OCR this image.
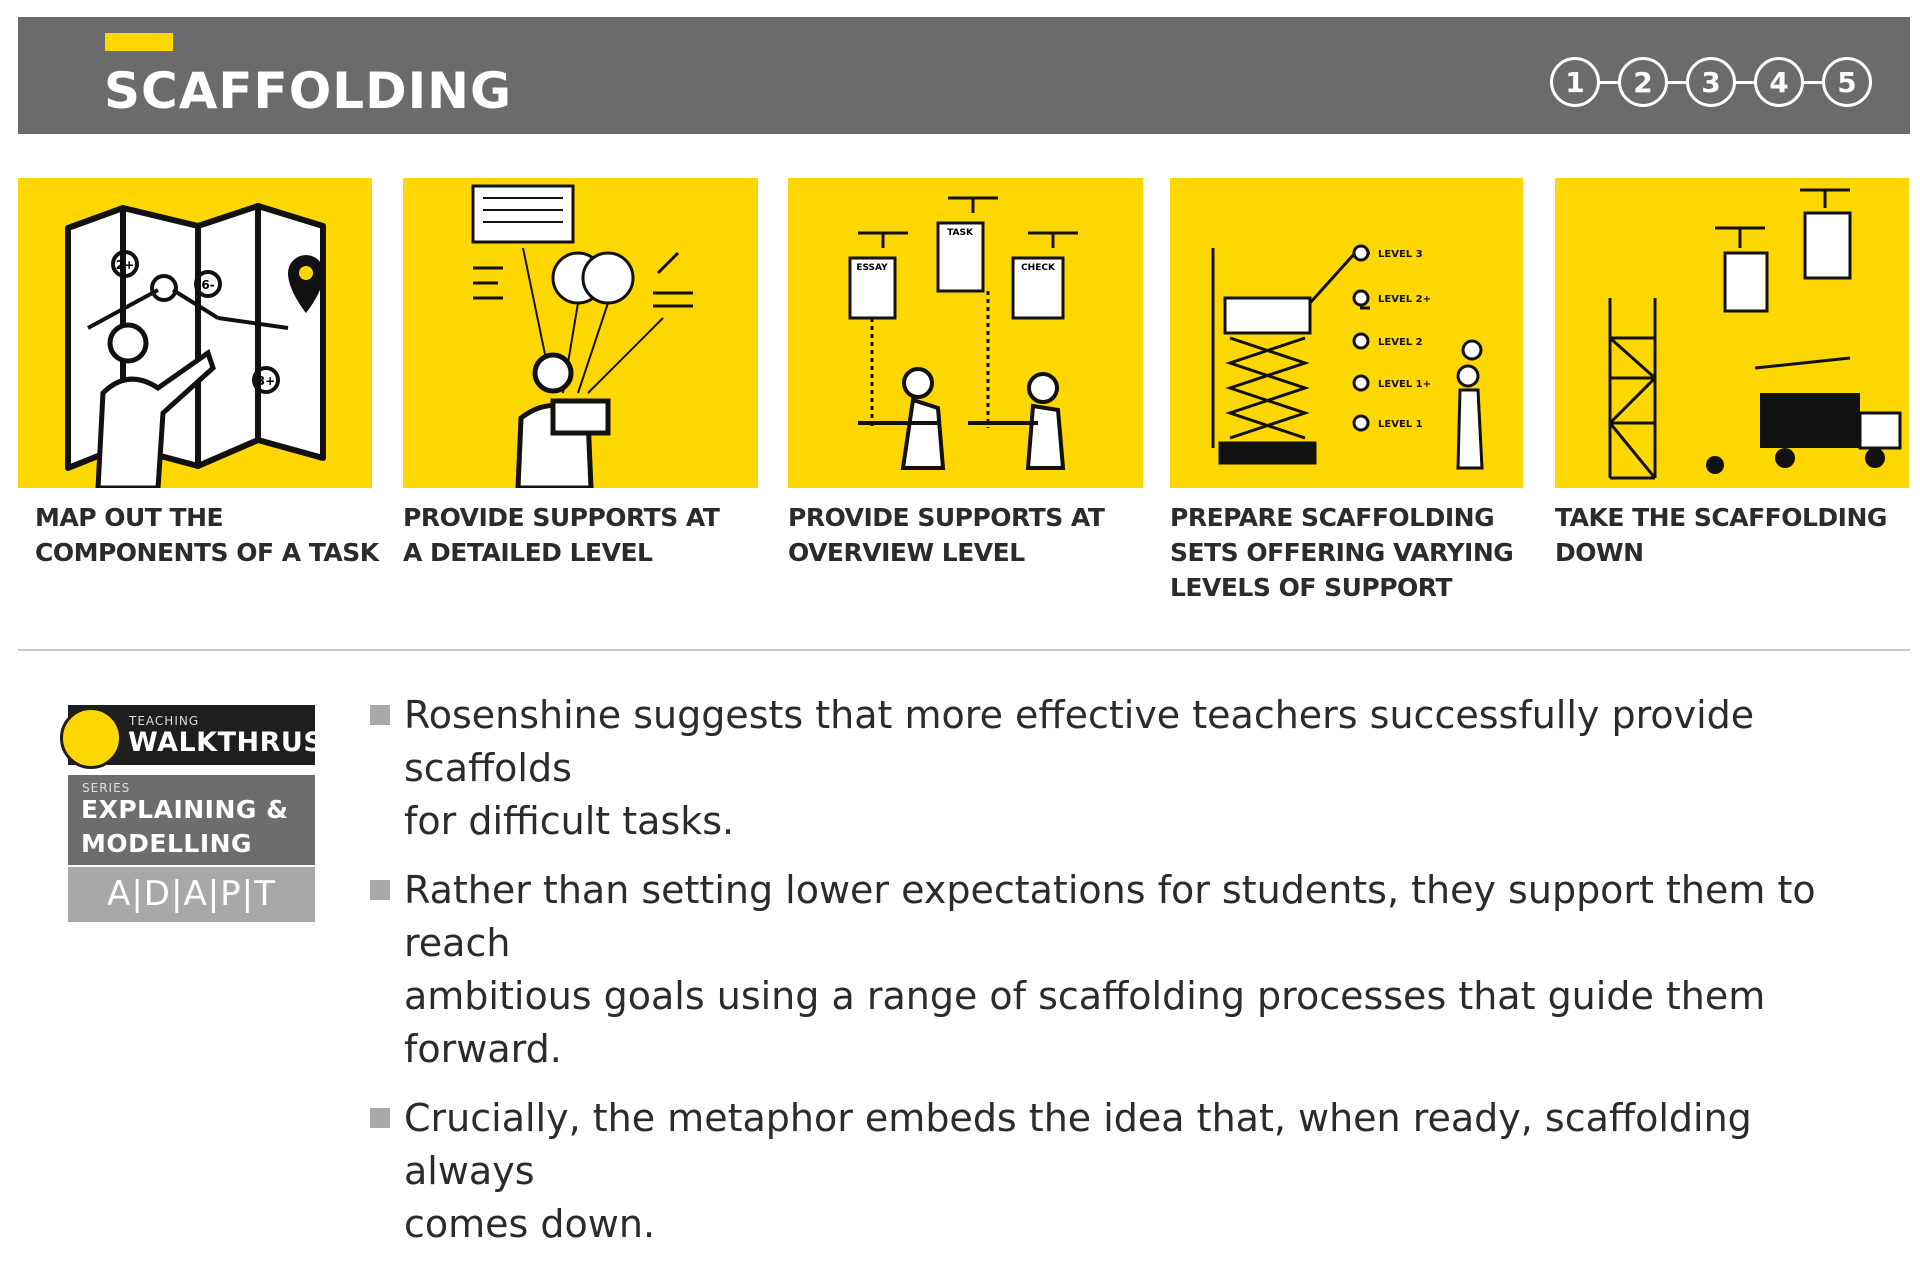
SCAFFOLDING	1	2	3	4	5
2+
6-
3+
MAP OUT THE
COMPONENTS OF A TASK
PROVIDE SUPPORTS AT
A DETAILED LEVEL
ESSAY
TASK
CHECK
PROVIDE SUPPORTS AT
OVERVIEW LEVEL
LEVEL 3
LEVEL 2+
LEVEL 2
LEVEL 1+
LEVEL 1
PREPARE SCAFFOLDING
SETS OFFERING VARYING
LEVELS OF SUPPORT
TAKE THE SCAFFOLDING
DOWN
TEACHING
WALKTHRUS
SERIES
EXPLAINING &
MODELLING
A|D|A|P|T
Rosenshine suggests that more effective teachers successfully provide scaffolds
for difficult tasks.
Rather than setting lower expectations for students, they support them to reach
ambitious goals using a range of scaffolding processes that guide them forward.
Crucially, the metaphor embeds the idea that, when ready, scaffolding always
comes down.
